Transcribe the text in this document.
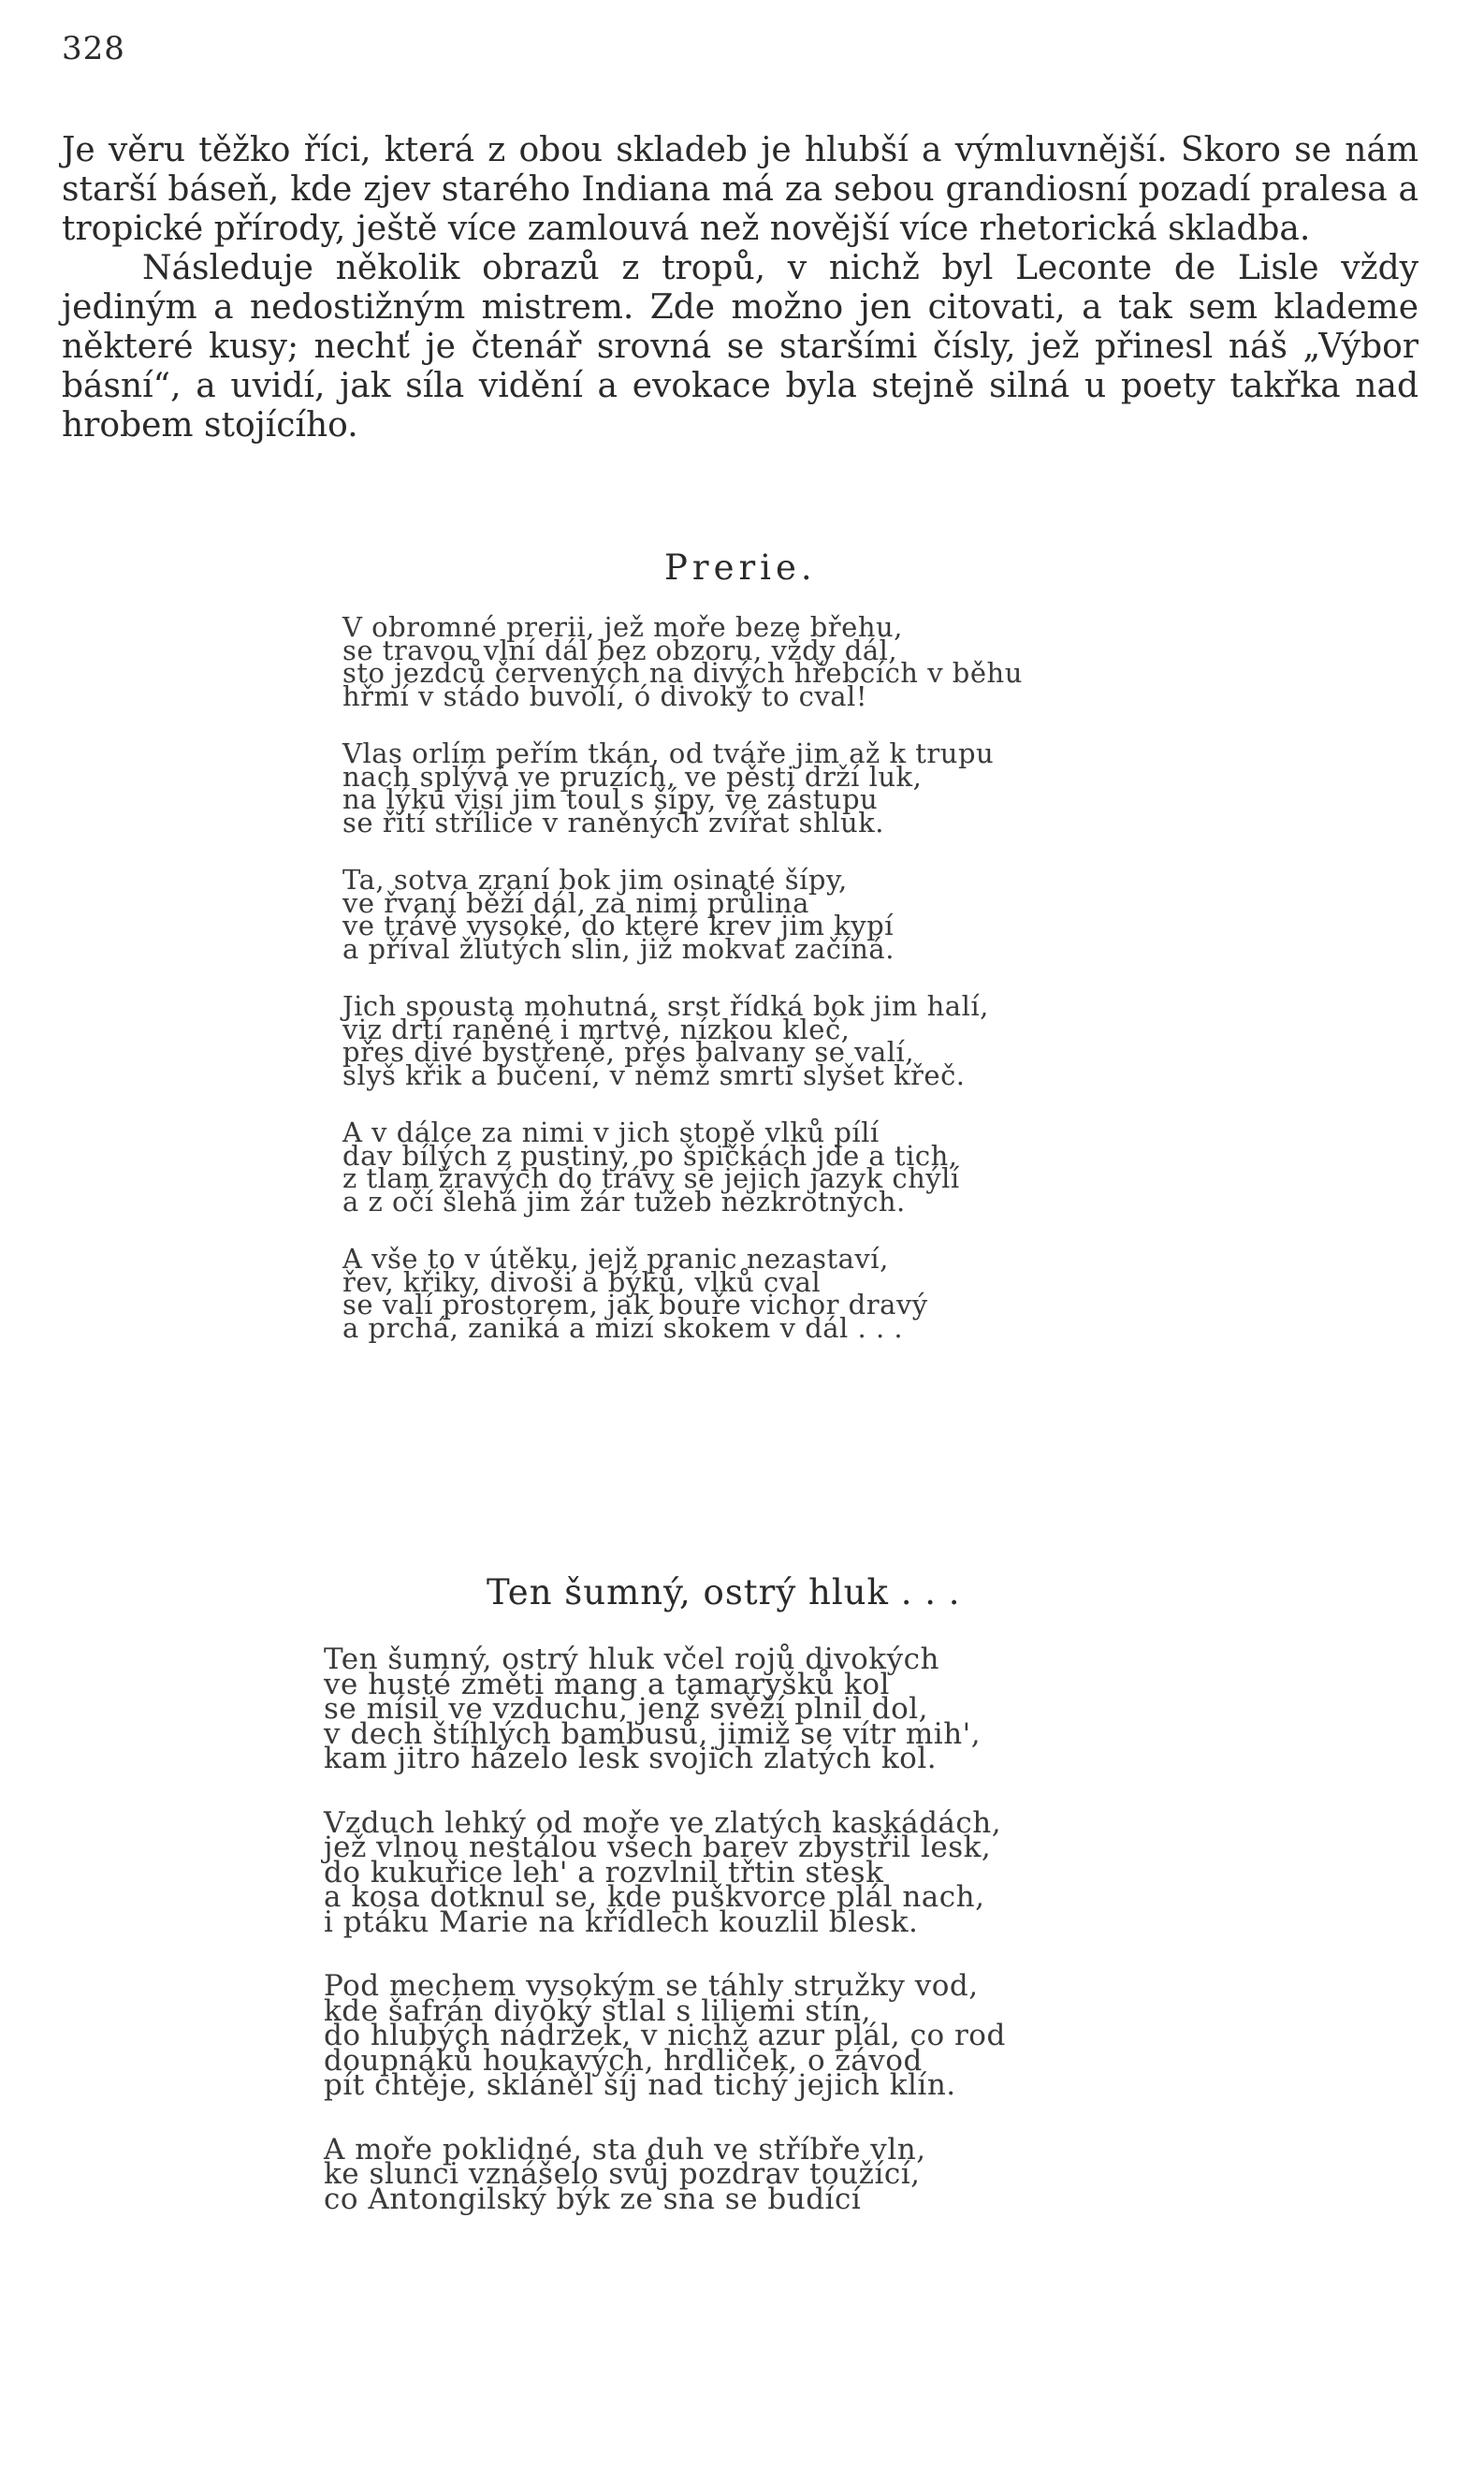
328

Je věru těžko říci, která z obou skladeb je hlubší a výmluvnější. Skoro se nám starší báseň, kde zjev starého Indiana má za sebou grandiosní pozadí pralesa a tropické přírody, ještě více zamlouvá než novější více rhetorická skladba.

Následuje několik obrazů z tropů, v nichž byl Leconte de Lisle vždy jediným a nedostižným mistrem. Zde možno jen citovati, a tak sem klademe některé kusy; nechť je čtenář srovná se staršími čísly, jež přinesl náš „Výbor básní“, a uvidí, jak síla vidění a evokace byla stejně silná u poety takřka nad hrobem stojícího.

Prerie.
V obromné prerii, jež moře beze břehu,
se travou vlní dál bez obzoru, vždy dál,
sto jezdců červených na divých hřebcích v běhu
hřmí v stádo buvolí, ó divoký to cval!
Vlas orlím peřím tkán, od tváře jim až k trupu
nach splývá ve pruzích, ve pěsti drží luk,
na lýku visí jim toul s šípy, ve zástupu
se řítí střílice v raněných zvířat shluk.
Ta, sotva zraní bok jim osinaté šípy,
ve řvaní běží dál, za nimi průlina
ve trávě vysoké, do které krev jim kypí
a příval žlutých slin, již mokvat začíná.
Jich spousta mohutná, srst řídká bok jim halí,
viz drtí raněné i mrtvé, nízkou kleč,
přes divé bystřeně, přes balvany se valí,
slyš křik a bučení, v němž smrti slyšet křeč.
A v dálce za nimi v jich stopě vlků pílí
dav bílých z pustiny, po špičkách jde a tich,
z tlam žravých do trávy se jejich jazyk chýlí
a z očí šlehá jim žár tužeb nezkrotných.
A vše to v útěku, jejž pranic nezastaví,
řev, křiky, divoši a býků, vlků cval
se valí prostorem, jak bouře vichor dravý
a prchá, zaniká a mizí skokem v dál . . .
Ten šumný, ostrý hluk . . .
Ten šumný, ostrý hluk včel rojů divokých
ve husté změti mang a tamaryšků kol
se mísil ve vzduchu, jenž svěží plnil dol,
v dech štíhlých bambusů, jimiž se vítr mih',
kam jitro házelo lesk svojich zlatých kol.
Vzduch lehký od moře ve zlatých kaskádách,
jež vlnou nestálou všech barev zbystřil lesk,
do kukuřice leh' a rozvlnil třtin stesk
a kosa dotknul se, kde puškvorce plál nach,
i ptáku Marie na křídlech kouzlil blesk.
Pod mechem vysokým se táhly stružky vod,
kde šafrán divoký stlal s liliemi stín,
do hlubých nádržek, v nichž azur plál, co rod
doupnáků houkavých, hrdliček, o závod
pít chtěje, skláněl šíj nad tichý jejich klín.
A moře poklidné, sta duh ve stříbře vln,
ke slunci vznášelo svůj pozdrav toužící,
co Antongilský býk ze sna se budící
